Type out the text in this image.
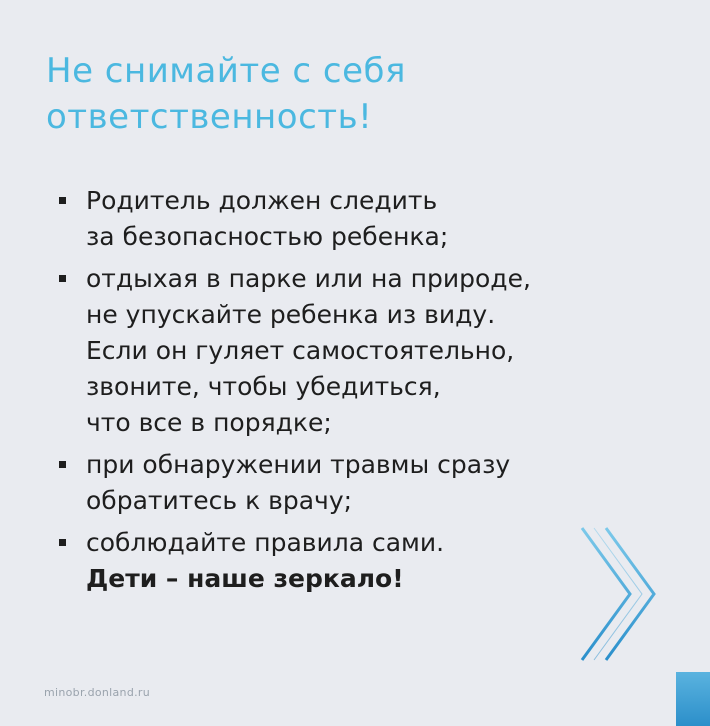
Не снимайте с себя
ответственность!
Родитель должен следить
за безопасностью ребенка;
отдыхая в парке или на природе,
не упускайте ребенка из виду.
Если он гуляет самостоятельно,
звоните, чтобы убедиться,
что все в порядке;
при обнаружении травмы сразу
обратитесь к врачу;
соблюдайте правила сами.
Дети – наше зеркало!
minobr.donland.ru
